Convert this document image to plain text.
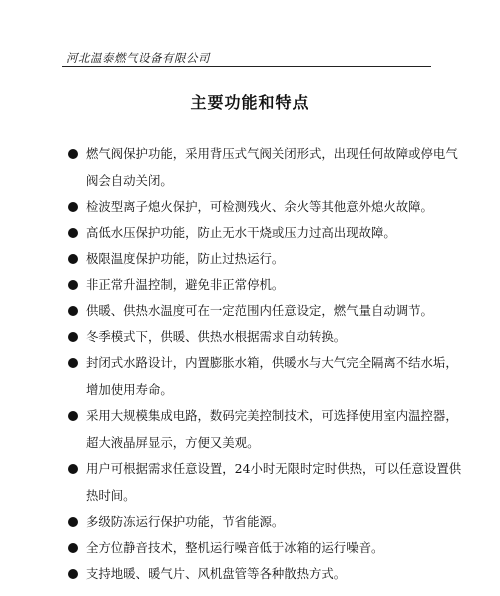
河北温泰燃气设备有限公司
主要功能和特点
燃气阀保护功能，采用背压式气阀关闭形式，出现任何故障或停电气阀会自动关闭。
检波型离子熄火保护，可检测残火、余火等其他意外熄火故障。
高低水压保护功能，防止无水干烧或压力过高出现故障。
极限温度保护功能，防止过热运行。
非正常升温控制，避免非正常停机。
供暖、供热水温度可在一定范围内任意设定，燃气量自动调节。
冬季模式下，供暖、供热水根据需求自动转换。
封闭式水路设计，内置膨胀水箱，供暖水与大气完全隔离不结水垢，增加使用寿命。
采用大规模集成电路，数码完美控制技术，可选择使用室内温控器，超大液晶屏显示，方便又美观。
用户可根据需求任意设置，24小时无限时定时供热，可以任意设置供热时间。
多级防冻运行保护功能，节省能源。
全方位静音技术，整机运行噪音低于冰箱的运行噪音。
支持地暖、暖气片、风机盘管等各种散热方式。
